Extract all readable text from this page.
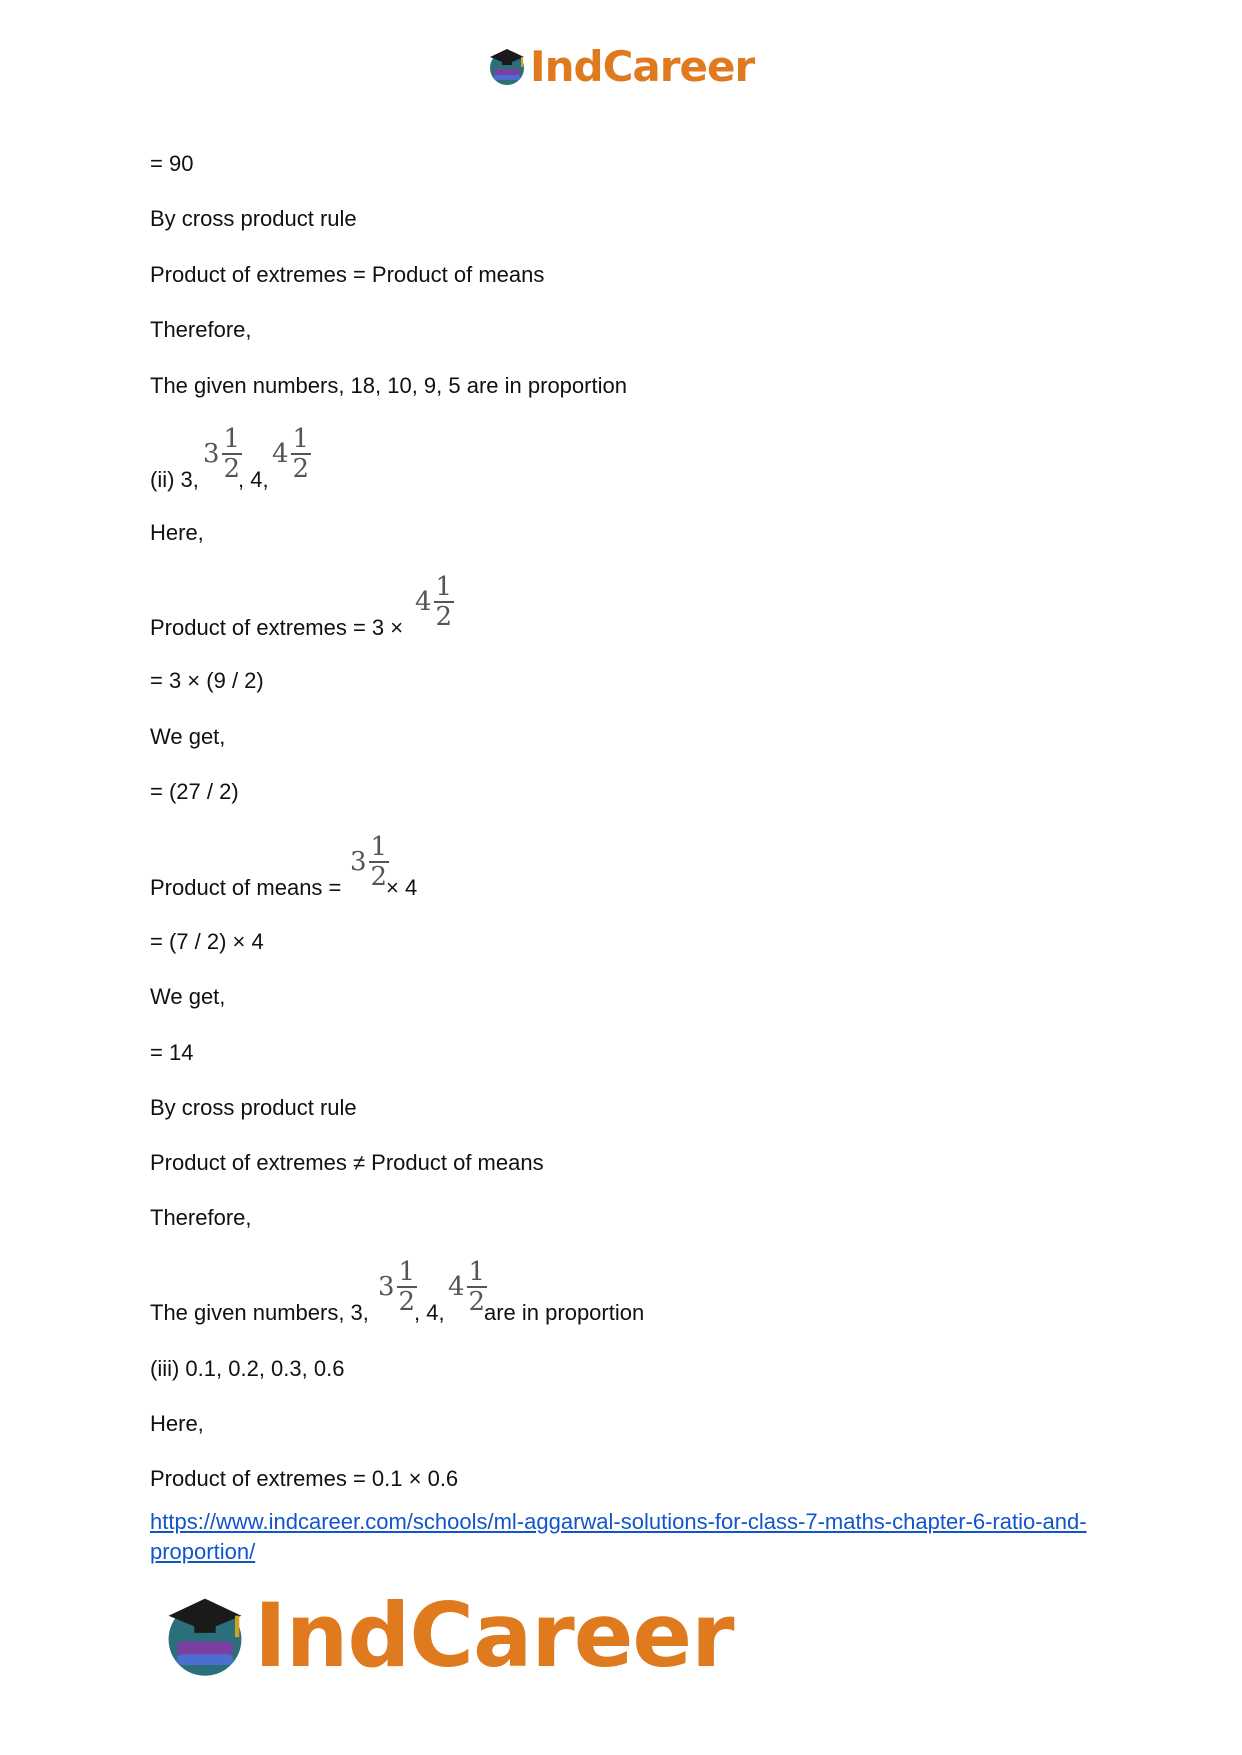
IndCareer
= 90
By cross product rule
Product of extremes = Product of means
Therefore,
The given numbers, 18, 10, 9, 5 are in proportion
(ii) 3,
$3 \frac{1}{2}$
, 4,
$4 \frac{1}{2}$
Here,
Product of extremes = 3 ×
$4 \frac{1}{2}$
= 3 × (9 / 2)
We get,
= (27 / 2)
Product of means =
$3 \frac{1}{2}$
× 4
= (7 / 2) × 4
We get,
= 14
By cross product rule
Product of extremes ≠ Product of means
Therefore,
The given numbers, 3,
$3 \frac{1}{2}$
, 4,
$4 \frac{1}{2}$
are in proportion
(iii) 0.1, 0.2, 0.3, 0.6
Here,
Product of extremes = 0.1 × 0.6
https://www.indcareer.com/schools/ml-aggarwal-solutions-for-class-7-maths-chapter-6-ratio-and-proportion/
IndCareer
